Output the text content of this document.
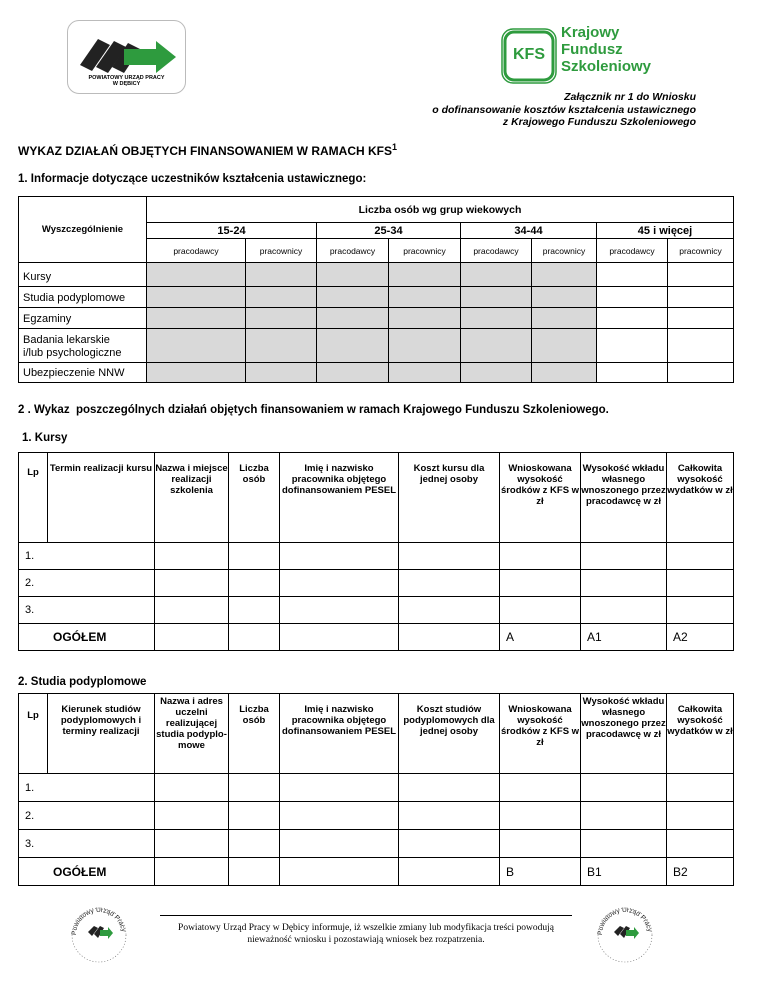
POWIATOWY URZĄD PRACY
W DĘBICY
KFS
Krajowy
Fundusz
Szkoleniowy
Załącznik nr 1 do Wniosku
o dofinansowanie kosztów kształcenia ustawicznego
z Krajowego Funduszu Szkoleniowego
WYKAZ DZIAŁAŃ OBJĘTYCH FINANSOWANIEM W RAMACH KFS$^1$
1. Informacje dotyczące uczestników kształcenia ustawicznego:
Wyszczególnienie	Liczba osób wg grup wiekowych							
	15-24		25-34		34-44		45 i więcej	
	pracodawcy	pracownicy	pracodawcy	pracownicy	pracodawcy	pracownicy	pracodawcy	pracownicy
Kursy								
Studia podyplomowe								
Egzaminy								
Badania lekarskie
i/lub psychologiczne								
Ubezpieczenie NNW								
2 . Wykaz  poszczególnych działań objętych finansowaniem w ramach Krajowego Funduszu Szkoleniowego.
1. Kursy
Lp	Termin realizacji kursu	Nazwa i miejsce realizacji szkolenia	Liczba osób	Imię i nazwisko pracownika objętego dofinansowaniem PESEL	Koszt kursu dla jednej osoby	Wnioskowana wysokość środków z KFS w zł	Wysokość wkładu własnego wnoszonego przez pracodawcę w zł	Całkowita wysokość wydatków w zł
1.								
2.								
3.								
OGÓŁEM						A	A1	A2
2. Studia podyplomowe
Lp	Kierunek studiów podyplomowych i terminy realizacji	Nazwa i adres uczelni realizującej studia podyplo-mowe	Liczba osób	Imię i nazwisko pracownika objętego dofinansowaniem PESEL	Koszt studiów podyplomowych dla jednej osoby	Wnioskowana wysokość środków z KFS w zł	Wysokość wkładu własnego wnoszonego przez pracodawcę w zł	Całkowita wysokość wydatków w zł
1.								
2.								
3.								
OGÓŁEM						B	B1	B2
Powiatowy Urząd Pracy w Dębicy informuje, iż wszelkie zmiany lub modyfikacja treści powodują
nieważność wniosku i pozostawiają wniosek bez rozpatrzenia.
Powiatowy Urząd Pracy
Powiatowy Urząd Pracy
